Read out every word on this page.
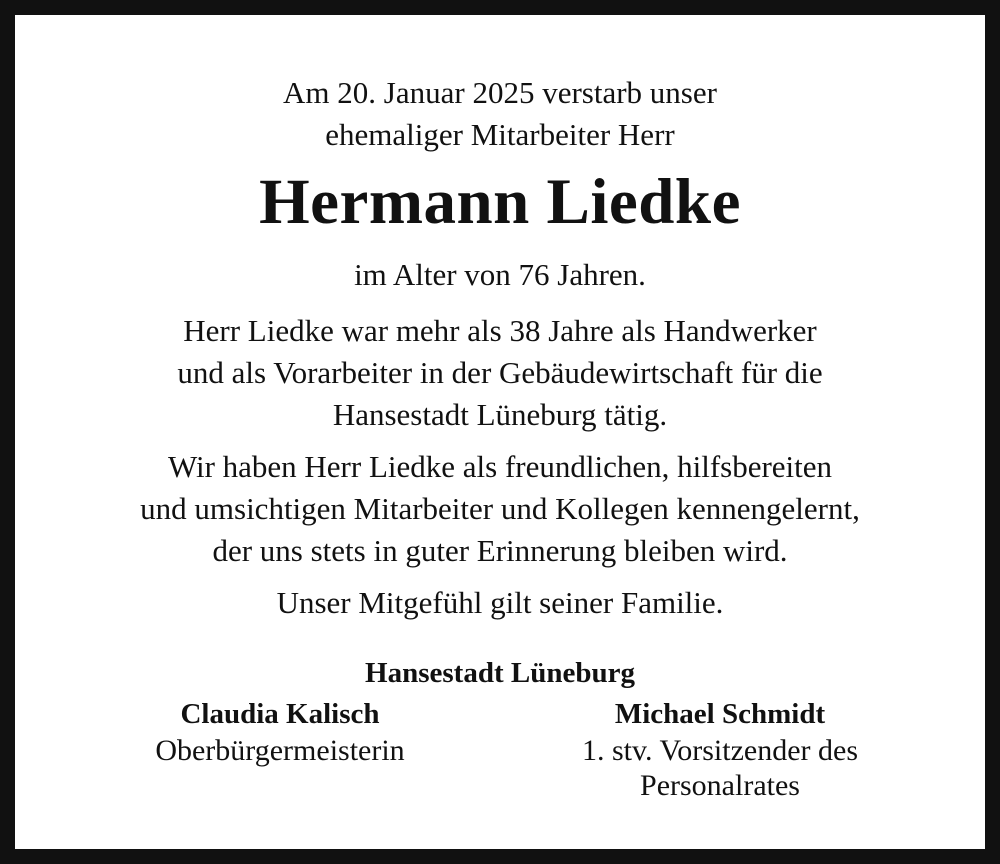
Am 20. Januar 2025 verstarb unser

ehemaliger Mitarbeiter Herr

Hermann Liedke

im Alter von 76 Jahren.

Herr Liedke war mehr als 38 Jahre als Handwerker

und als Vorarbeiter in der Gebäudewirtschaft für die

Hansestadt Lüneburg tätig.

Wir haben Herr Liedke als freundlichen, hilfsbereiten

und umsichtigen Mitarbeiter und Kollegen kennengelernt,

der uns stets in guter Erinnerung bleiben wird.

Unser Mitgefühl gilt seiner Familie.

Hansestadt Lüneburg

Claudia Kalisch
Oberbürgermeisterin
Michael Schmidt
1. stv. Vorsitzender des
Personalrates
